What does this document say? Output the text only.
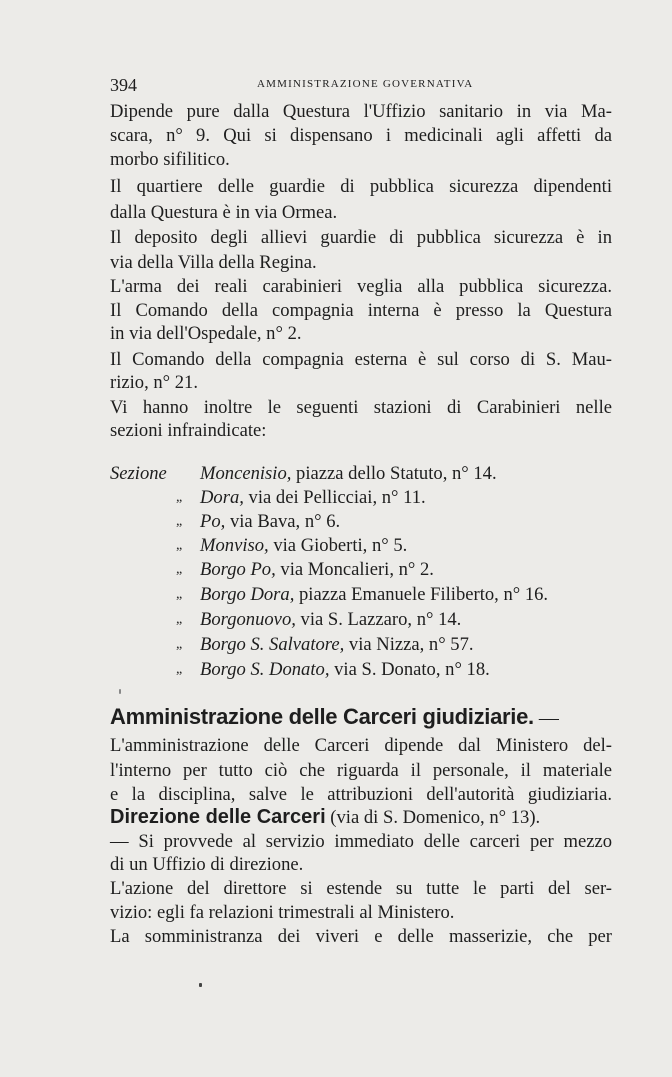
394	AMMINISTRAZIONE GOVERNATIVA
Dipende pure dalla Questura l'Uffizio sanitario in via Ma-
scara, n° 9. Qui si dispensano i medicinali agli affetti da
morbo sifilitico.
Il quartiere delle guardie di pubblica sicurezza dipendenti
dalla Questura è in via Ormea.
Il deposito degli allievi guardie di pubblica sicurezza è in
via della Villa della Regina.
L'arma dei reali carabinieri veglia alla pubblica sicurezza.
Il Comando della compagnia interna è presso la Questura
in via dell'Ospedale, n° 2.
Il Comando della compagnia esterna è sul corso di S. Mau-
rizio, n° 21.
Vi hanno inoltre le seguenti stazioni di Carabinieri nelle
sezioni infraindicate:
Sezione	Moncenisio, piazza dello Statuto, n° 14.
„ Dora, via dei Pellicciai, n° 11.
„ Po, via Bava, n° 6.
„ Monviso, via Gioberti, n° 5.
„ Borgo Po, via Moncalieri, n° 2.
„ Borgo Dora, piazza Emanuele Filiberto, n° 16.
„ Borgonuovo, via S. Lazzaro, n° 14.
„ Borgo S. Salvatore, via Nizza, n° 57.
„ Borgo S. Donato, via S. Donato, n° 18.
Amministrazione delle Carceri giudiziarie. —
L'amministrazione delle Carceri dipende dal Ministero del-
l'interno per tutto ciò che riguarda il personale, il materiale
e la disciplina, salve le attribuzioni dell'autorità giudiziaria.
Direzione delle Carceri (via di S. Domenico, n° 13).
— Si provvede al servizio immediato delle carceri per mezzo
di un Uffizio di direzione.
L'azione del direttore si estende su tutte le parti del ser-
vizio: egli fa relazioni trimestrali al Ministero.
La somministranza dei viveri e delle masserizie, che per
